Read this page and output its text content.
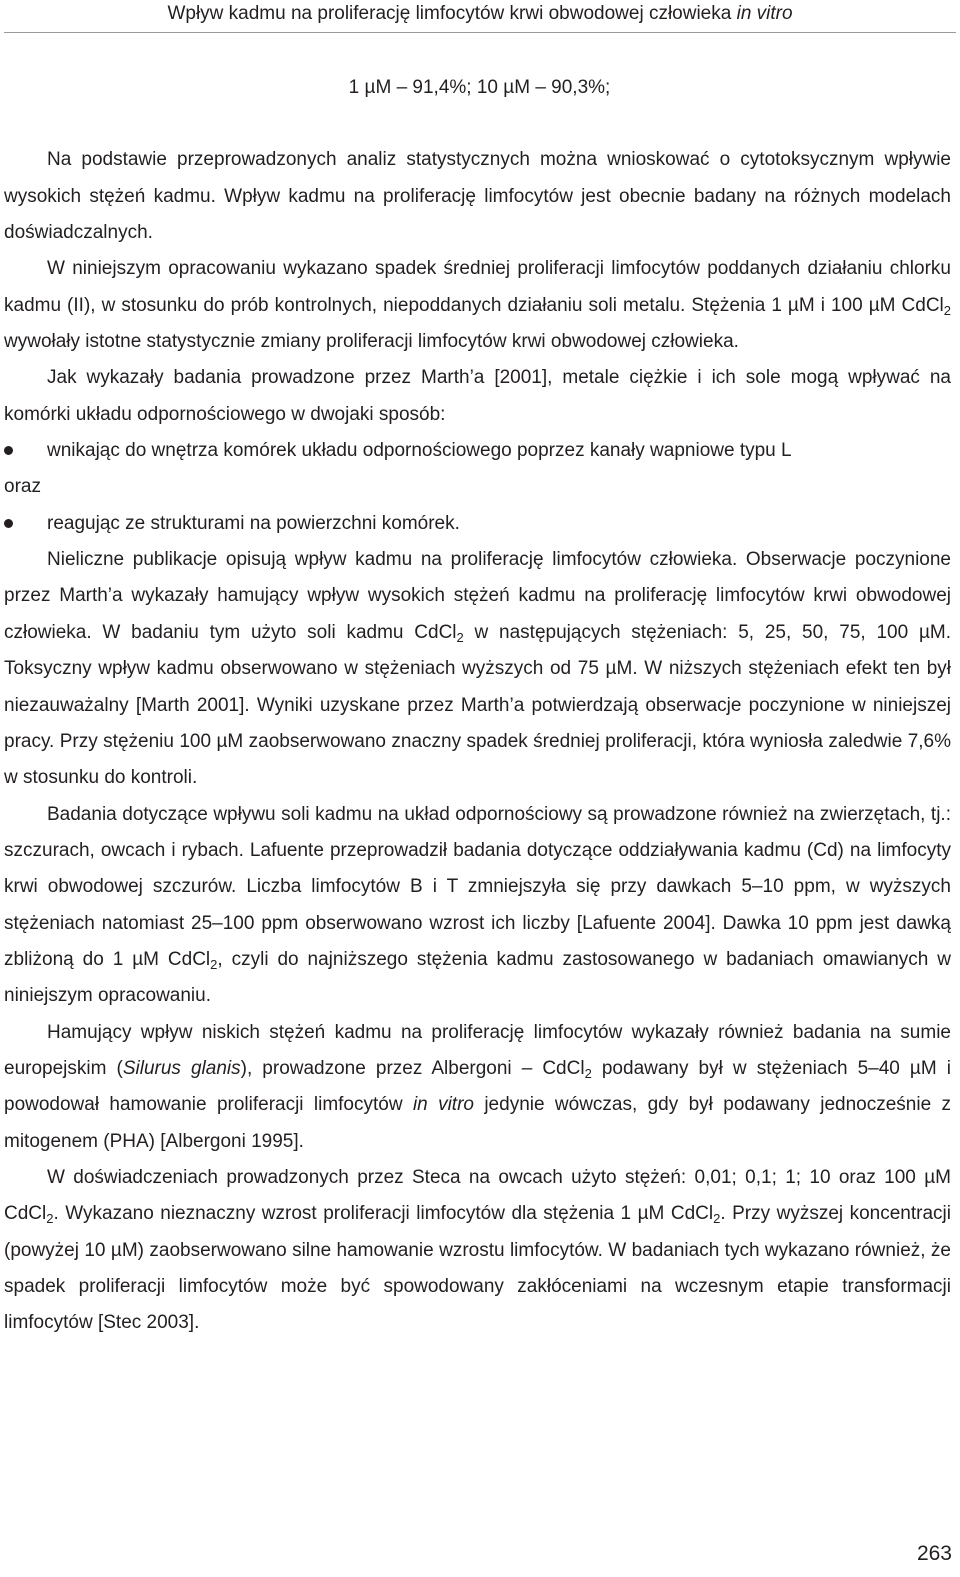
Wpływ kadmu na proliferację limfocytów krwi obwodowej człowieka in vitro

1 µM – 91,4%; 10 µM – 90,3%;

Na podstawie przeprowadzonych analiz statystycznych można wnioskować o cytotoksycznym wpływie wysokich stężeń kadmu. Wpływ kadmu na proliferację limfocytów jest obecnie badany na różnych modelach doświadczalnych.

W niniejszym opracowaniu wykazano spadek średniej proliferacji limfocytów poddanych działaniu chlorku kadmu (II), w stosunku do prób kontrolnych, niepoddanych działaniu soli metalu. Stężenia 1 µM i 100 µM CdCl$_2$ wywołały istotne statystycznie zmiany proliferacji limfocytów krwi obwodowej człowieka.

Jak wykazały badania prowadzone przez Marth’a [2001], metale ciężkie i ich sole mogą wpływać na komórki układu odpornościowego w dwojaki sposób:

wnikając do wnętrza komórek układu odpornościowego poprzez kanały wapniowe typu L
oraz

reagując ze strukturami na powierzchni komórek.

Nieliczne publikacje opisują wpływ kadmu na proliferację limfocytów człowieka. Obserwacje poczynione przez Marth’a wykazały hamujący wpływ wysokich stężeń kadmu na proliferację limfocytów krwi obwodowej człowieka. W badaniu tym użyto soli kadmu CdCl$_2$ w następujących stężeniach: 5, 25, 50, 75, 100 µM. Toksyczny wpływ kadmu obserwowano w stężeniach wyższych od 75 µM. W niższych stężeniach efekt ten był niezauważalny [Marth 2001]. Wyniki uzyskane przez Marth’a potwierdzają obserwacje poczynione w niniejszej pracy. Przy stężeniu 100 µM zaobserwowano znaczny spadek średniej proliferacji, która wyniosła zaledwie 7,6% w stosunku do kontroli.

Badania dotyczące wpływu soli kadmu na układ odpornościowy są prowadzone również na zwierzętach, tj.: szczurach, owcach i rybach. Lafuente przeprowadził badania dotyczące oddziaływania kadmu (Cd) na limfocyty krwi obwodowej szczurów. Liczba limfocytów B i T zmniejszyła się przy dawkach 5–10 ppm, w wyższych stężeniach natomiast 25–100 ppm obserwowano wzrost ich liczby [Lafuente 2004]. Dawka 10 ppm jest dawką zbliżoną do 1 µM CdCl$_2$, czyli do najniższego stężenia kadmu zastosowanego w badaniach omawianych w niniejszym opracowaniu.

Hamujący wpływ niskich stężeń kadmu na proliferację limfocytów wykazały również badania na sumie europejskim (Silurus glanis), prowadzone przez Albergoni – CdCl$_2$ podawany był w stężeniach 5–40 µM i powodował hamowanie proliferacji limfocytów in vitro jedynie wówczas, gdy był podawany jednocześnie z mitogenem (PHA) [Albergoni 1995].

W doświadczeniach prowadzonych przez Steca na owcach użyto stężeń: 0,01; 0,1; 1; 10 oraz 100 µM CdCl$_2$. Wykazano nieznaczny wzrost proliferacji limfocytów dla stężenia 1 µM CdCl$_2$. Przy wyższej koncentracji (powyżej 10 µM) zaobserwowano silne hamowanie wzrostu limfocytów. W badaniach tych wykazano również, że spadek proliferacji limfocytów może być spowodowany zakłóceniami na wczesnym etapie transformacji limfocytów [Stec 2003].

263
